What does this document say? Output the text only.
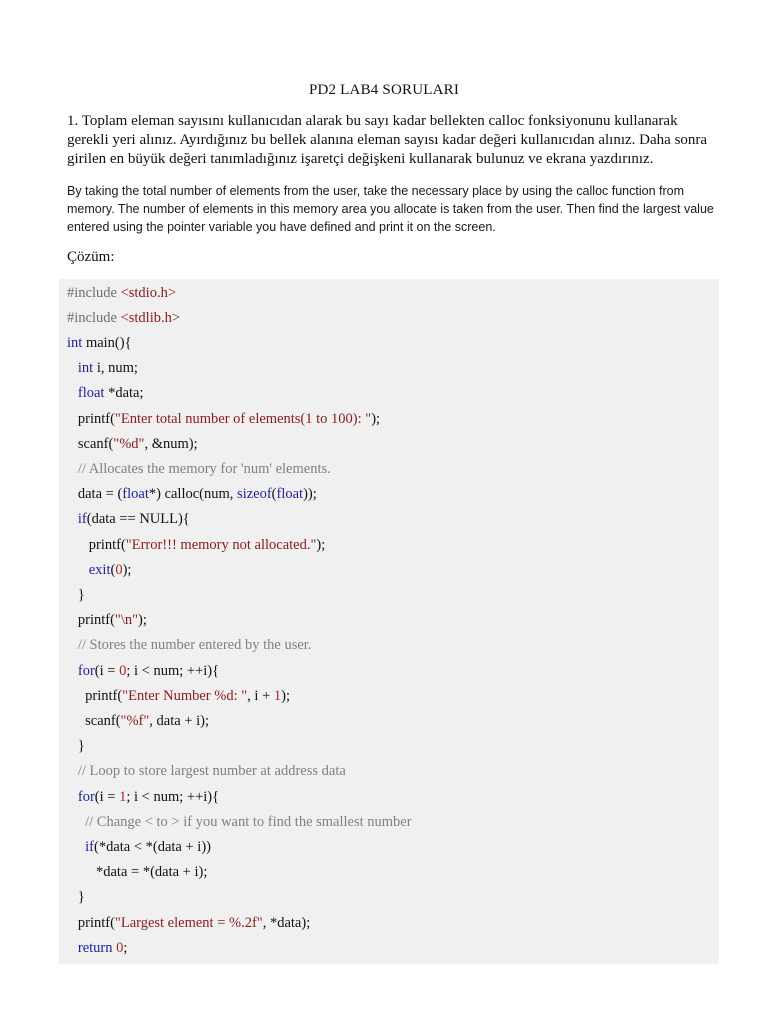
PD2 LAB4 SORULARI
1. Toplam eleman sayısını kullanıcıdan alarak bu sayı kadar bellekten calloc fonksiyonunu kullanarak gerekli yeri alınız. Ayırdığınız bu bellek alanına eleman sayısı kadar değeri kullanıcıdan alınız. Daha sonra girilen en büyük değeri tanımladığınız işaretçi değişkeni kullanarak bulunuz ve ekrana yazdırınız.
By taking the total number of elements from the user, take the necessary place by using the calloc function from memory. The number of elements in this memory area you allocate is taken from the user. Then find the largest value entered using the pointer variable you have defined and print it on the screen.
Çözüm:
#include <stdio.h>
#include <stdlib.h>
int main(){
int i, num;
float *data;
printf("Enter total number of elements(1 to 100): ");
scanf("%d", &num);
// Allocates the memory for 'num' elements.
data = (float*) calloc(num, sizeof(float));
if(data == NULL){
printf("Error!!! memory not allocated.");
exit(0);
}
printf("\n");
// Stores the number entered by the user.
for(i = 0; i < num; ++i){
printf("Enter Number %d: ", i + 1);
scanf("%f", data + i);
}
// Loop to store largest number at address data
for(i = 1; i < num; ++i){
// Change < to > if you want to find the smallest number
if(*data < *(data + i))
*data = *(data + i);
}
printf("Largest element = %.2f", *data);
return 0;
